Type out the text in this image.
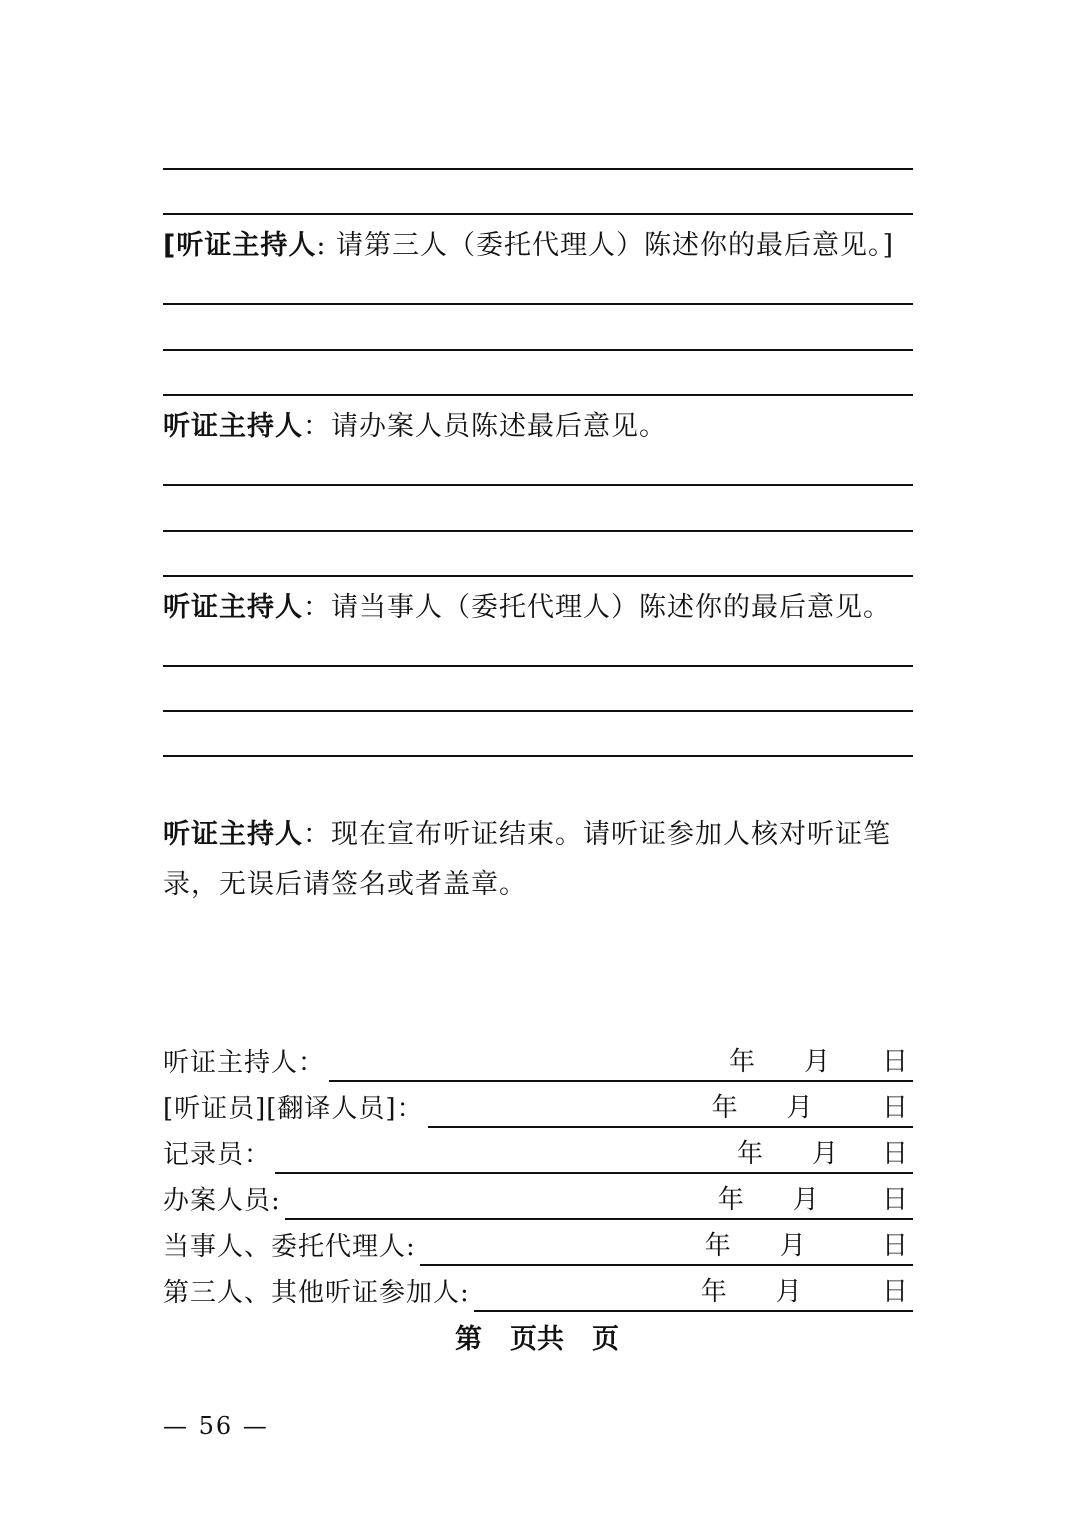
[听证主持人: 请第三人（委托代理人）陈述你的最后意见。]
听证主持人：请办案人员陈述最后意见。
听证主持人：请当事人（委托代理人）陈述你的最后意见。
听证主持人：现在宣布听证结束。请听证参加人核对听证笔录，无误后请签名或者盖章。
听证主持人：	年 月 日
[听证员][翻译人员]：	年 月	日
记录员：	年 月 日
办案人员:	年 月 日
当事人、委托代理人:	年 月	日
第三人、其他听证参加人:	年 月	日
第 页共 页
— 56 —
